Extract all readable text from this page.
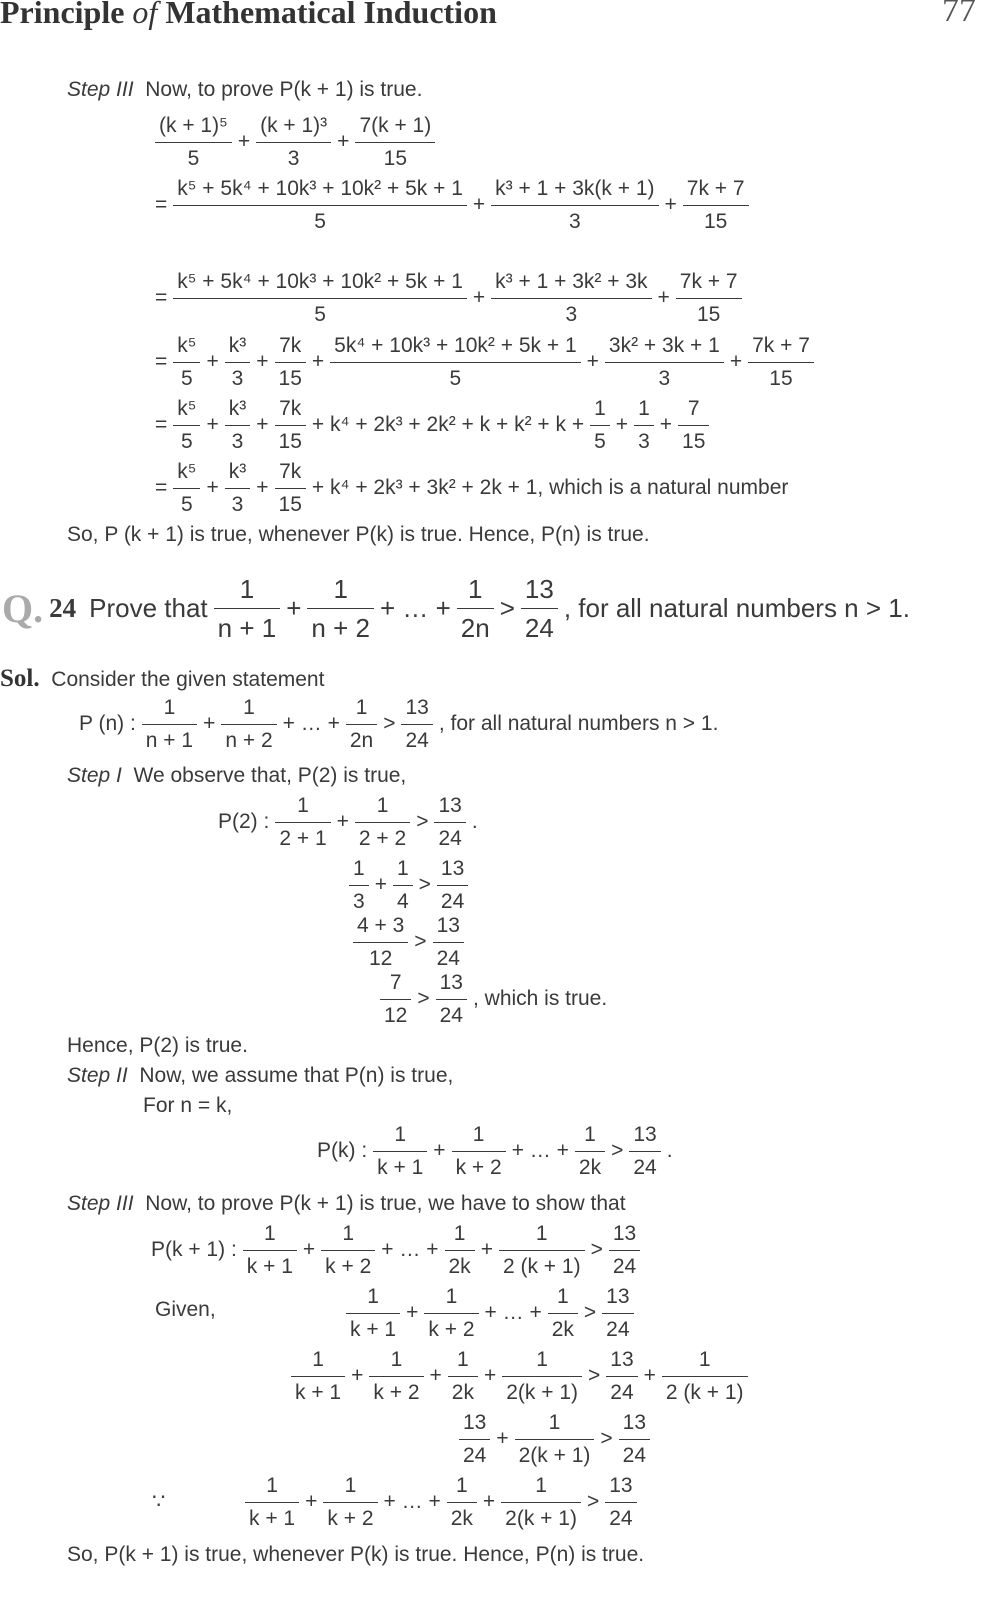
Principle of Mathematical Induction	77
Step III Now, to prove P(k + 1) is true.
$\frac{\text{(k + 1)⁵}}{5} + \frac{\text{(k + 1)³}}{3} + \frac{7(k + 1)}{15}$
= $\frac{\text{k⁵ + 5k⁴ + 10k³ + 10k² + 5k + 1}}{5} + \frac{\text{k³ + 1 + 3k(k + 1)}}{3} + \frac{7k + 7}{15}$
= $\frac{\text{k⁵ + 5k⁴ + 10k³ + 10k² + 5k + 1}}{5} + \frac{\text{k³ + 1 + 3k² + 3k}}{3} + \frac{7k + 7}{15}$
= $\frac{\text{k⁵}}{5} + \frac{\text{k³}}{3} + \frac{7k}{15} + \frac{\text{5k⁴ + 10k³ + 10k² + 5k + 1}}{5} + \frac{\text{3k² + 3k + 1}}{3} + \frac{7k + 7}{15}$
= $\frac{\text{k⁵}}{5} + \frac{\text{k³}}{3} + \frac{7k}{15} + k^4 + 2k^3 + 2k^2 + k + k^2 + k + \frac{1}{5} + \frac{1}{3} + \frac{7}{15}$
= $\frac{\text{k⁵}}{5} + \frac{\text{k³}}{3} + \frac{7k}{15} + k^4 + 2k^3 + 3k^2 + 2k + 1$, which is a natural number
So, P (k + 1) is true, whenever P(k) is true. Hence, P(n) is true.
Q. 24 Prove that $\frac{1}{n + 1} + \frac{1}{n + 2}$ + … + $\frac{1}{2n} > \frac{13}{24}$ , for all natural numbers n > 1.
Sol. Consider the given statement
P (n) : $\frac{1}{n + 1} + \frac{1}{n + 2}$ + … + $\frac{1}{2n} > \frac{13}{24}$ , for all natural numbers n > 1.
Step I We observe that, P(2) is true,
P(2) : $\frac{1}{2 + 1} + \frac{1}{2 + 2} > \frac{13}{24}$ .
$\frac{1}{3} + \frac{1}{4} > \frac{13}{24}$
$\frac{4 + 3}{12} > \frac{13}{24}$
$\frac{7}{12} > \frac{13}{24}$ , which is true.
Hence, P(2) is true.
Step II Now, we assume that P(n) is true,
For n = k,
P(k) : $\frac{1}{k + 1} + \frac{1}{k + 2}$ + … + $\frac{1}{2k} > \frac{13}{24}$ .
Step III Now, to prove P(k + 1) is true, we have to show that
P(k + 1) : $\frac{1}{k + 1} + \frac{1}{k + 2}$ + … + $\frac{1}{2k} + \frac{1}{2 (k + 1)} > \frac{13}{24}$
Given,	$\frac{1}{k + 1} + \frac{1}{k + 2}$ + … + $\frac{1}{2k} > \frac{13}{24}$
$\frac{1}{k + 1} + \frac{1}{k + 2} + \frac{1}{2k} + \frac{1}{2(k + 1)} > \frac{13}{24} + \frac{1}{2 (k + 1)}$
$\frac{13}{24} + \frac{1}{2(k + 1)} > \frac{13}{24}$
∵	$\frac{1}{k + 1} + \frac{1}{k + 2}$ + … + $\frac{1}{2k} + \frac{1}{2(k + 1)} > \frac{13}{24}$
So, P(k + 1) is true, whenever P(k) is true. Hence, P(n) is true.
